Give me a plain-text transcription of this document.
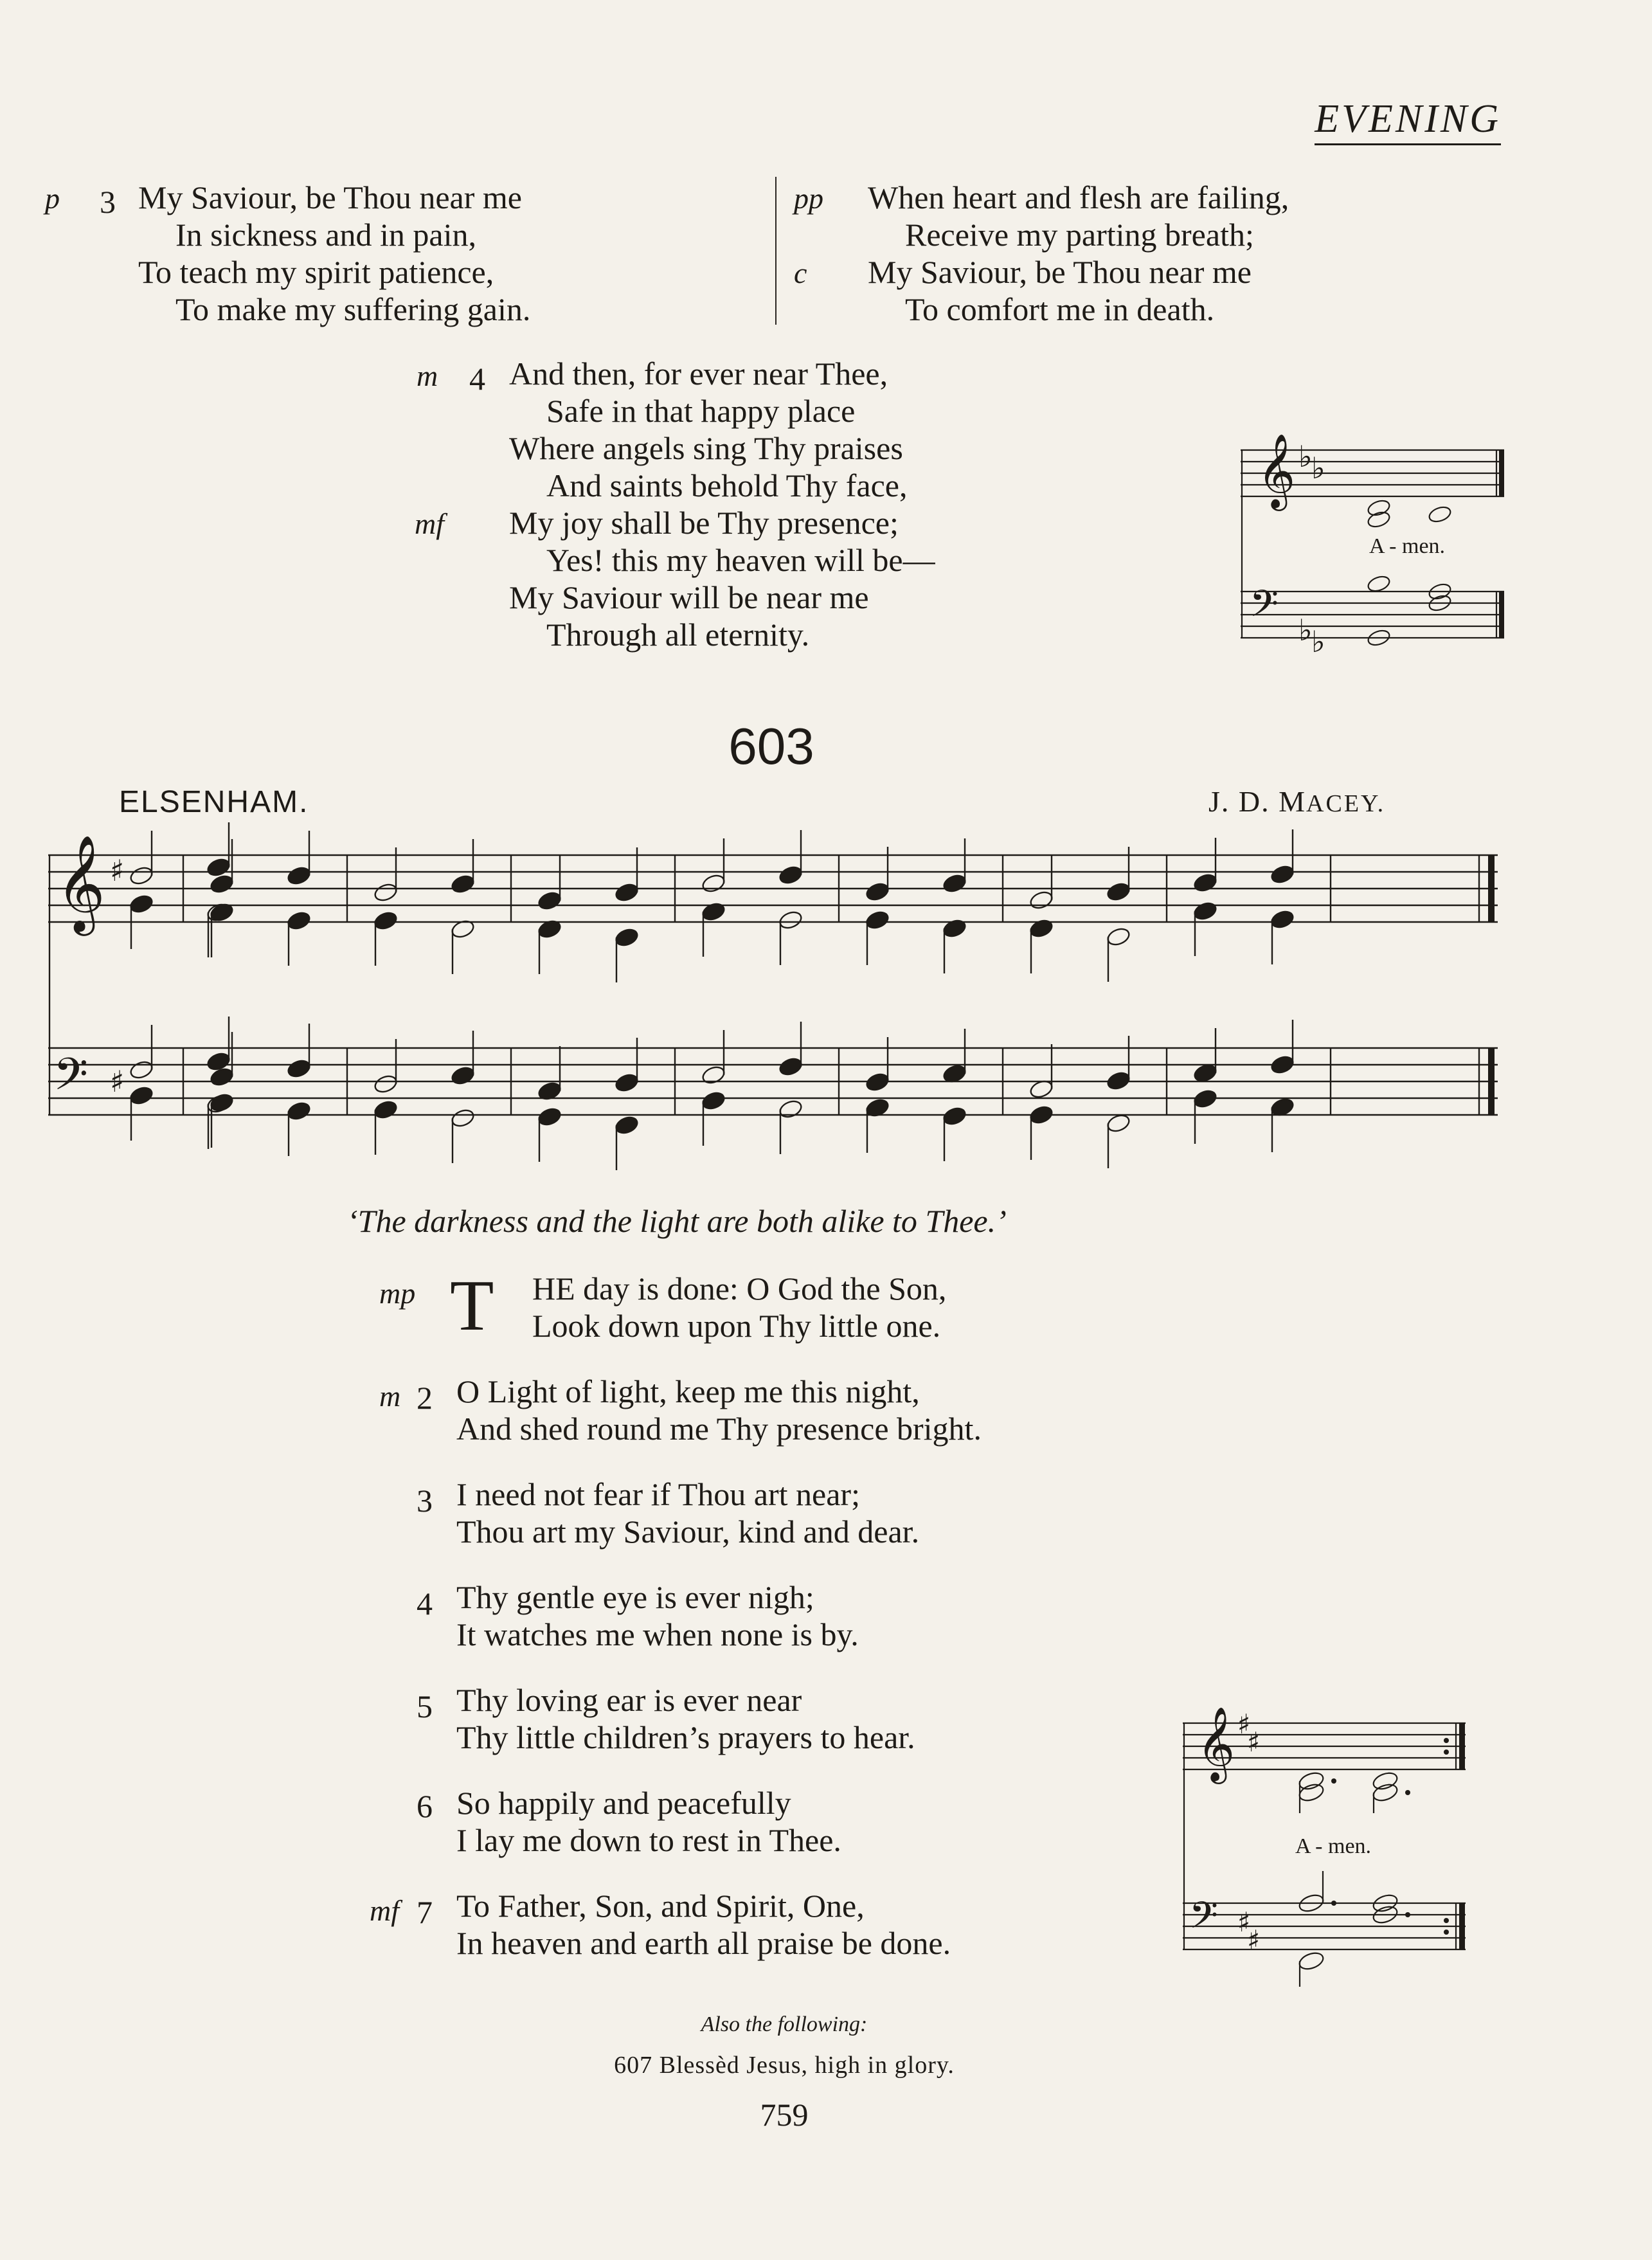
EVENING
p 3 My Saviour, be Thou near me
In sickness and in pain,
To teach my spirit patience,
To make my suffering gain.
pp
c
When heart and flesh are failing,
Receive my parting breath;
My Saviour, be Thou near me
To comfort me in death.
m
mf
4 And then, for ever near Thee,
Safe in that happy place
Where angels sing Thy praises
And saints behold Thy face,
My joy shall be Thy presence;
Yes! this my heaven will be—
My Saviour will be near me
Through all eternity.
𝄞
𝄢
♭
♭
♭
♭
A - men.
603
ELSENHAM.	J. D. MACEY.
𝄞
𝄢
♯
♯
‘The darkness and the light are both alike to Thee.’
mp T HE day is done: O God the Son,
Look down upon Thy little one.
m 2 O Light of light, keep me this night,
And shed round me Thy presence bright.
3 I need not fear if Thou art near;
Thou art my Saviour, kind and dear.
4 Thy gentle eye is ever nigh;
It watches me when none is by.
5 Thy loving ear is ever near
Thy little children’s prayers to hear.
6 So happily and peacefully
I lay me down to rest in Thee.
mf 7 To Father, Son, and Spirit, One,
In heaven and earth all praise be done.
𝄞
𝄢
♯
♯
♯
♯
A - men.
Also the following:
607 Blessèd Jesus, high in glory.
759
